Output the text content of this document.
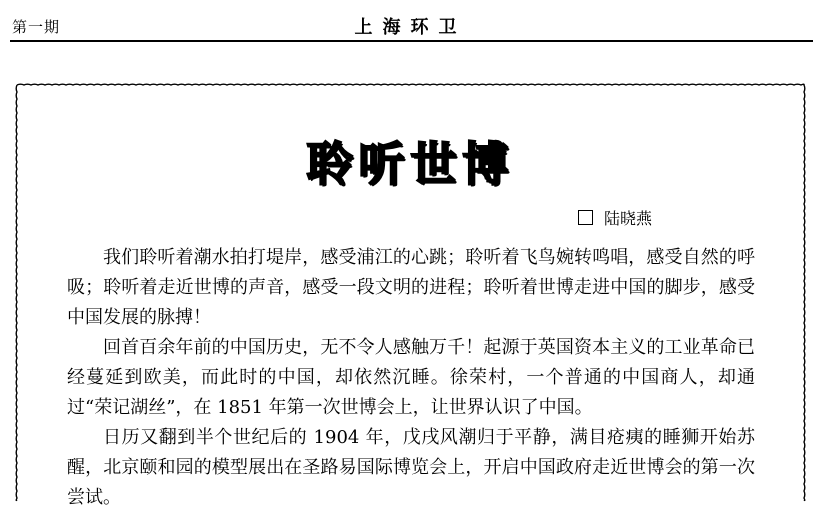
第一期	上海环卫
聆听世博
陆晓燕

我们聆听着潮水拍打堤岸，感受浦江的心跳；聆听着飞鸟婉转鸣唱，感受自然的呼吸；聆听着走近世博的声音，感受一段文明的进程；聆听着世博走进中国的脚步，感受中国发展的脉搏！

回首百余年前的中国历史，无不令人感触万千！起源于英国资本主义的工业革命已经蔓延到欧美，而此时的中国，却依然沉睡。徐荣村，一个普通的中国商人，却通过“荣记湖丝”，在 1851 年第一次世博会上，让世界认识了中国。

日历又翻到半个世纪后的 1904 年，戊戌风潮归于平静，满目疮痍的睡狮开始苏醒，北京颐和园的模型展出在圣路易国际博览会上，开启中国政府走近世博会的第一次尝试。
